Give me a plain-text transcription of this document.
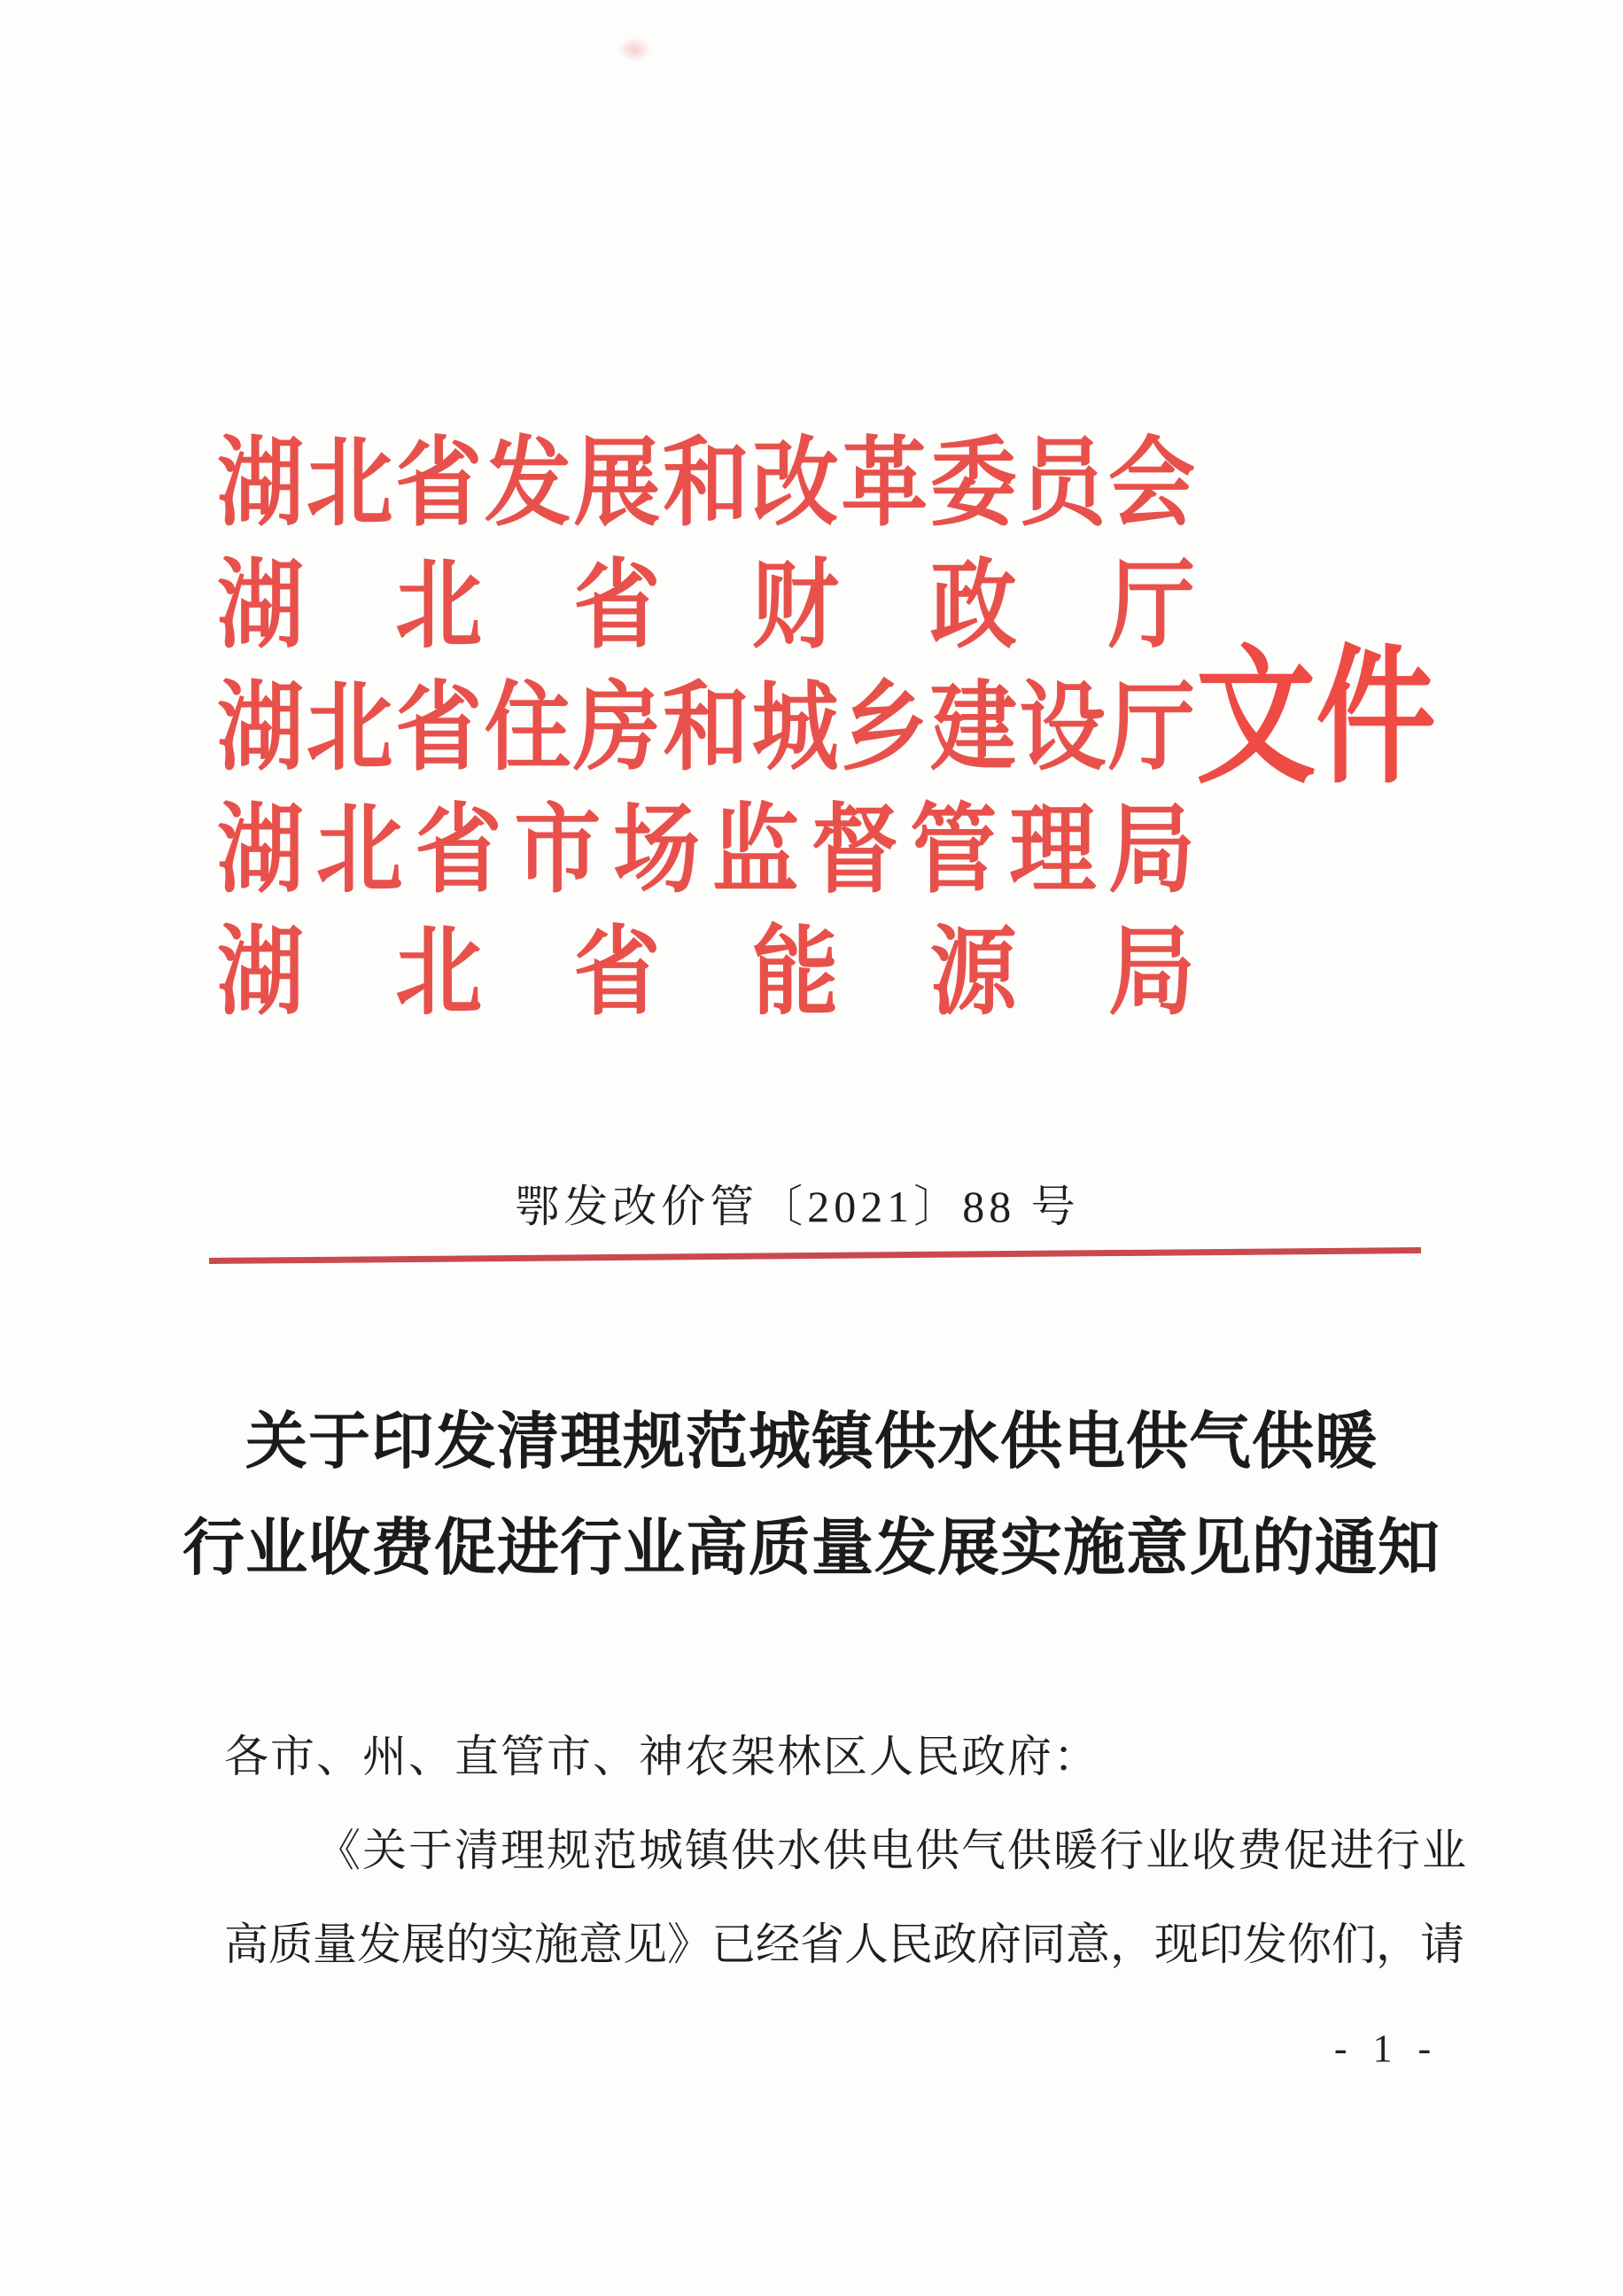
湖北省发展和改革委员会
湖北省财政厅
湖北省住房和城乡建设厅
湖北省市场监督管理局
湖北省能源局
文件
鄂发改价管〔2021〕88 号
关于印发清理规范城镇供水供电供气供暖
行业收费促进行业高质量发展实施意见的通知
各市、州、直管市、神农架林区人民政府：
《关于清理规范城镇供水供电供气供暖行业收费促进行业
高质量发展的实施意见》已经省人民政府同意，现印发你们，请
- 1 -
